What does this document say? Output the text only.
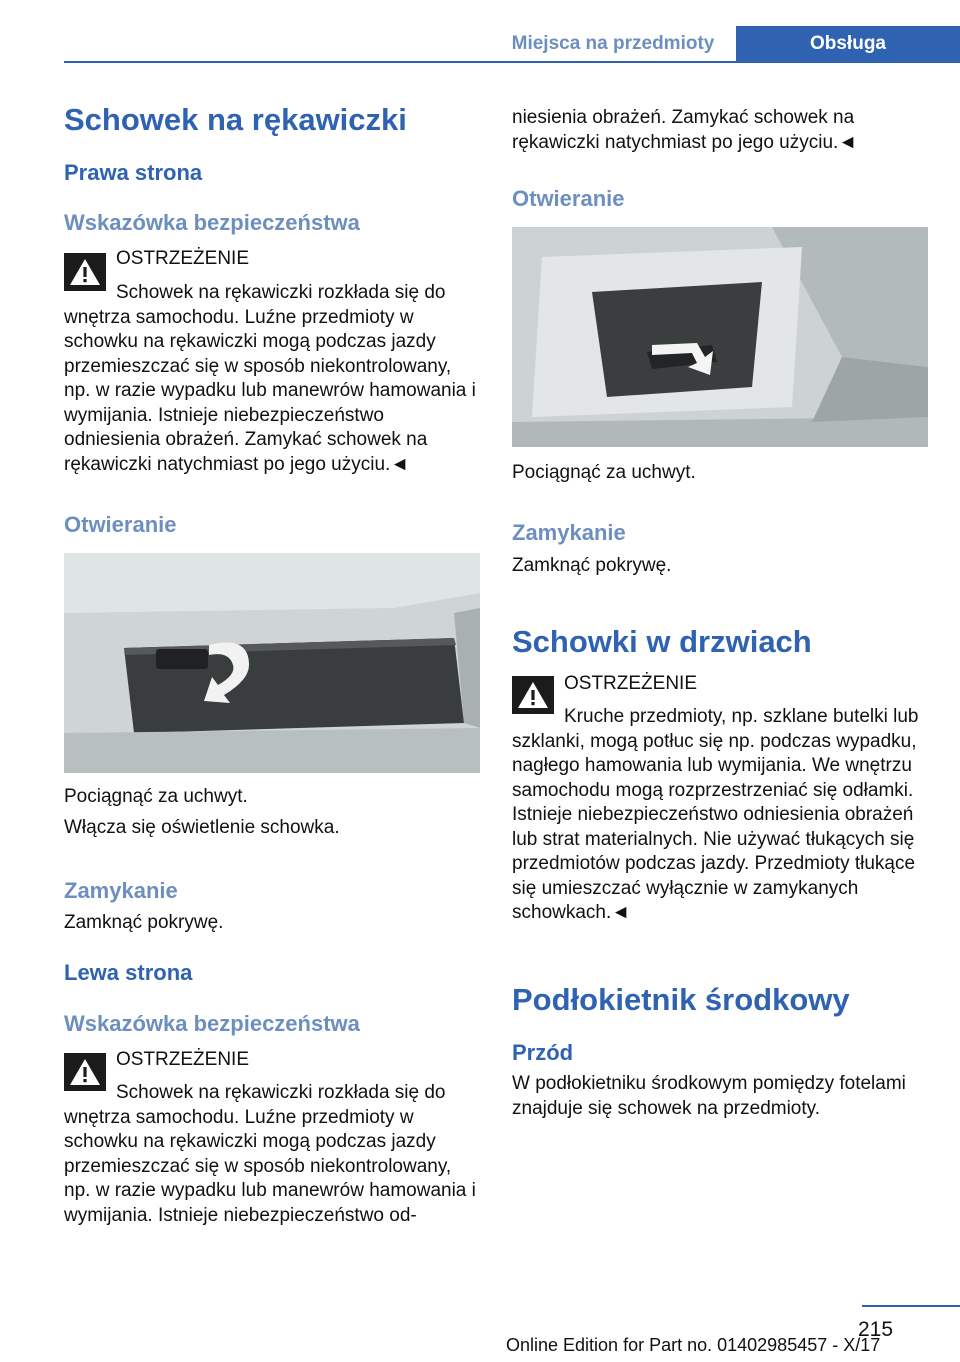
Miejsca na przedmioty	Obsługa
Schowek na rękawiczki
Prawa strona
Wskazówka bezpieczeństwa
OSTRZEŻENIE
Schowek na rękawiczki rozkłada się do wnętrza samochodu. Luźne przedmioty w schowku na rękawiczki mogą podczas jazdy przemieszczać się w sposób niekontrolowany, np. w razie wypadku lub manewrów hamowania i wymijania. Istnieje niebezpieczeństwo odniesienia obrażeń. Zamykać schowek na rękawiczki natychmiast po jego użyciu.◄
Otwieranie
Pociągnąć za uchwyt.
Włącza się oświetlenie schowka.
Zamykanie
Zamknąć pokrywę.
Lewa strona
Wskazówka bezpieczeństwa
OSTRZEŻENIE
Schowek na rękawiczki rozkłada się do wnętrza samochodu. Luźne przedmioty w schowku na rękawiczki mogą podczas jazdy przemieszczać się w sposób niekontrolowany, np. w razie wypadku lub manewrów hamowania i wymijania. Istnieje niebezpieczeństwo od-
niesienia obrażeń. Zamykać schowek na rękawiczki natychmiast po jego użyciu.◄
Otwieranie
Pociągnąć za uchwyt.
Zamykanie
Zamknąć pokrywę.
Schowki w drzwiach
OSTRZEŻENIE
Kruche przedmioty, np. szklane butelki lub szklanki, mogą potłuc się np. podczas wypadku, nagłego hamowania lub wymijania. We wnętrzu samochodu mogą rozprzestrzeniać się odłamki. Istnieje niebezpieczeństwo odniesienia obrażeń lub strat materialnych. Nie używać tłukących się przedmiotów podczas jazdy. Przedmioty tłukące się umieszczać wyłącznie w zamykanych schowkach.◄
Podłokietnik środkowy
Przód
W podłokietniku środkowym pomiędzy fotelami znajduje się schowek na przedmioty.
215
Online Edition for Part no. 01402985457 - X/17
